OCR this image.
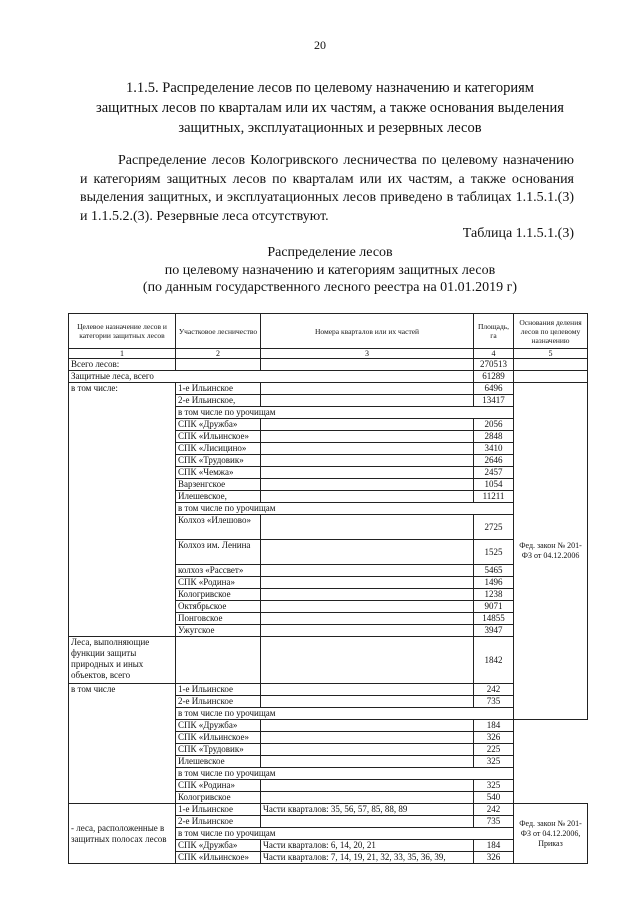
20
1.1.5. Распределение лесов по целевому назначению и категориям
защитных лесов по кварталам или их частям, а также основания выделения
защитных, эксплуатационных и резервных лесов

Распределение лесов Кологривского лесничества по целевому назначению и категориям защитных лесов по кварталам или их частям, а также основания выделения защитных, и эксплуатационных лесов приведено в таблицах 1.1.5.1.(3) и 1.1.5.2.(3). Резервные леса отсутствуют.

Таблица 1.1.5.1.(3)
Распределение лесов
по целевому назначению и категориям защитных лесов
(по данным государственного лесного реестра на 01.01.2019 г)
Целевое назначение лесов и категории защитных лесов	Участковое лесничество	Номера кварталов или их частей	Площадь, га	Основания деления лесов по целевому назначению
1	2	3	4	5
Всего лесов:			270513	
Защитные леса, всего			61289	
в том числе:	1-е Ильинское		6496	Фед. закон № 201-ФЗ от 04.12.2006
	2-е Ильинское,		13417	
	в том числе по урочищам			
	СПК «Дружба»		2056	
	СПК «Ильинское»		2848	
	СПК «Лисицино»		3410	
	СПК «Трудовик»		2646	
	СПК «Чемжа»		2457	
	Варзенгское		1054	
	Илешевское,		11211	
	в том числе по урочищам			
	Колхоз «Илешово»		2725	
	Колхоз им. Ленина		1525	
	колхоз «Рассвет»		5465	
	СПК «Родина»		1496	
	Кологривское		1238	
	Октябрьское		9071	
	Понговское		14855	
	Ужугское		3947	
Леса, выполняющие функции защиты природных и иных объектов, всего			1842	
в том числе	1-е Ильинское		242	
	2-е Ильинское		735	
	в том числе по урочищам			
	СПК «Дружба»		184	
	СПК «Ильинское»		326	
	СПК «Трудовик»		225	
	Илешевское		325	
	в том числе по урочищам			
	СПК «Родина»		325	
	Кологривское		540	
- леса, расположенные в защитных полосах лесов	1-е Ильинское	Части кварталов: 35, 56, 57, 85, 88, 89	242	Фед. закон № 201-ФЗ от 04.12.2006, Приказ
	2-е Ильинское		735	
	в том числе по урочищам			
	СПК «Дружба»	Части кварталов: 6, 14, 20, 21	184	
	СПК «Ильинское»	Части кварталов: 7, 14, 19, 21, 32, 33, 35, 36, 39,	326	
